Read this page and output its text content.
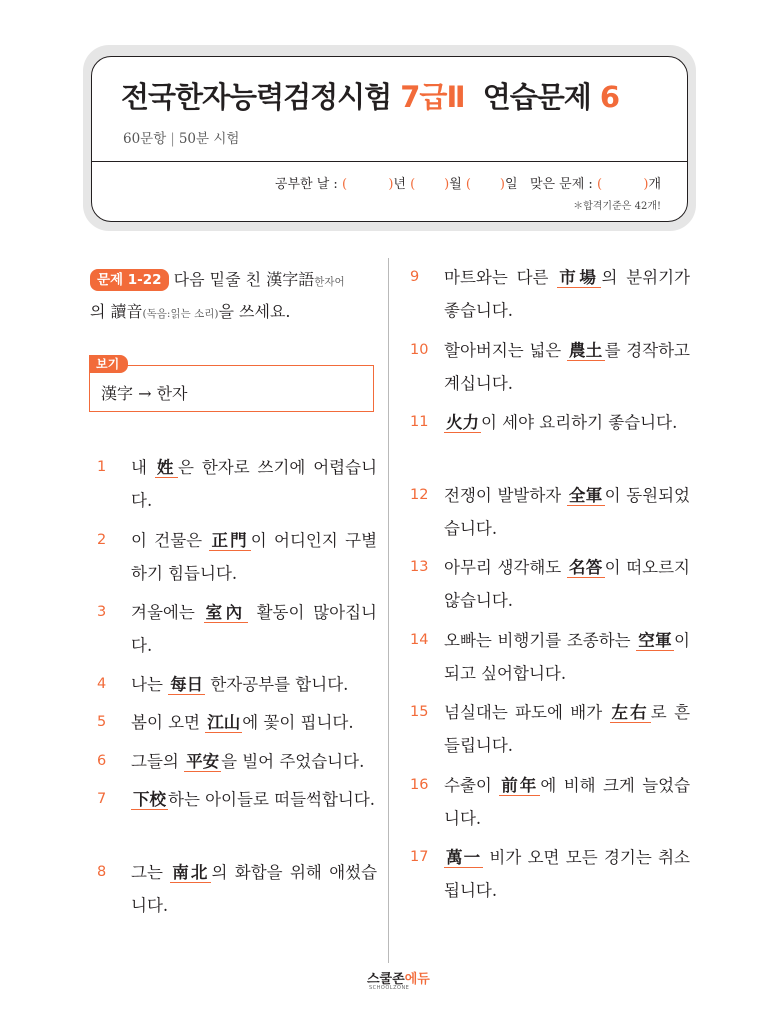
전국한자능력검정시험 7급Ⅱ 연습문제 6
60문항 | 50분 시험
공부한 날 : (          )년 (       )월 (       )일 맞은 문제 : (          )개
＊합격기준은 42개!
문제 1-22 다음 밑줄 친 漢字語한자어
의 讀音(독음:읽는 소리)을 쓰세요.
보기
漢字 → 한자
1 내 姓 은 한자로 쓰기에 어렵습니다.
2 이 건물은 正門 이 어디인지 구별하기 힘듭니다.
3 겨울에는 室內 활동이 많아집니다.
4 나는 每日 한자공부를 합니다.
5 봄이 오면 江山 에 꽃이 핍니다.
6 그들의 平安 을 빌어 주었습니다.
7 下校 하는 아이들로 떠들썩합니다.
8 그는 南北 의 화합을 위해 애썼습니다.
9 마트와는 다른 市場 의 분위기가 좋습니다.
10 할아버지는 넓은 農土 를 경작하고 계십니다.
11 火力 이 세야 요리하기 좋습니다.
12 전쟁이 발발하자 全軍 이 동원되었습니다.
13 아무리 생각해도 名答 이 떠오르지 않습니다.
14 오빠는 비행기를 조종하는 空軍 이 되고 싶어합니다.
15 넘실대는 파도에 배가 左右 로 흔들립니다.
16 수출이 前年 에 비해 크게 늘었습니다.
17 萬一 비가 오면 모든 경기는 취소됩니다.
스쿨존에듀
SCHOOLZONE
